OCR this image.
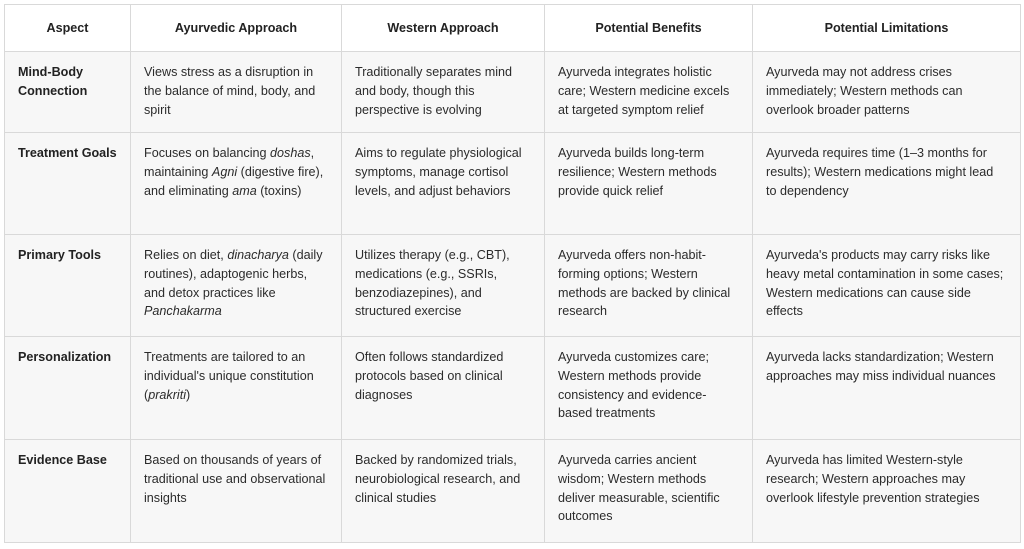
Aspect	Ayurvedic Approach	Western Approach	Potential Benefits	Potential Limitations
Mind-Body Connection	Views stress as a disruption in the balance of mind, body, and spirit	Traditionally separates mind and body, though this perspective is evolving	Ayurveda integrates holistic care; Western medicine excels at targeted symptom relief	Ayurveda may not address crises immediately; Western methods can overlook broader patterns
Treatment Goals	Focuses on balancing doshas, maintaining Agni (digestive fire), and eliminating ama (toxins)	Aims to regulate physiological symptoms, manage cortisol levels, and adjust behaviors	Ayurveda builds long-term resilience; Western methods provide quick relief	Ayurveda requires time (1–3 months for results); Western medications might lead to dependency
Primary Tools	Relies on diet, dinacharya (daily routines), adaptogenic herbs, and detox practices like Panchakarma	Utilizes therapy (e.g., CBT), medications (e.g., SSRIs, benzodiazepines), and structured exercise	Ayurveda offers non-habit-forming options; Western methods are backed by clinical research	Ayurveda's products may carry risks like heavy metal contamination in some cases; Western medications can cause side effects
Personalization	Treatments are tailored to an individual's unique constitution (prakriti)	Often follows standardized protocols based on clinical diagnoses	Ayurveda customizes care; Western methods provide consistency and evidence-based treatments	Ayurveda lacks standardization; Western approaches may miss individual nuances
Evidence Base	Based on thousands of years of traditional use and observational insights	Backed by randomized trials, neurobiological research, and clinical studies	Ayurveda carries ancient wisdom; Western methods deliver measurable, scientific outcomes	Ayurveda has limited Western-style research; Western approaches may overlook lifestyle prevention strategies
